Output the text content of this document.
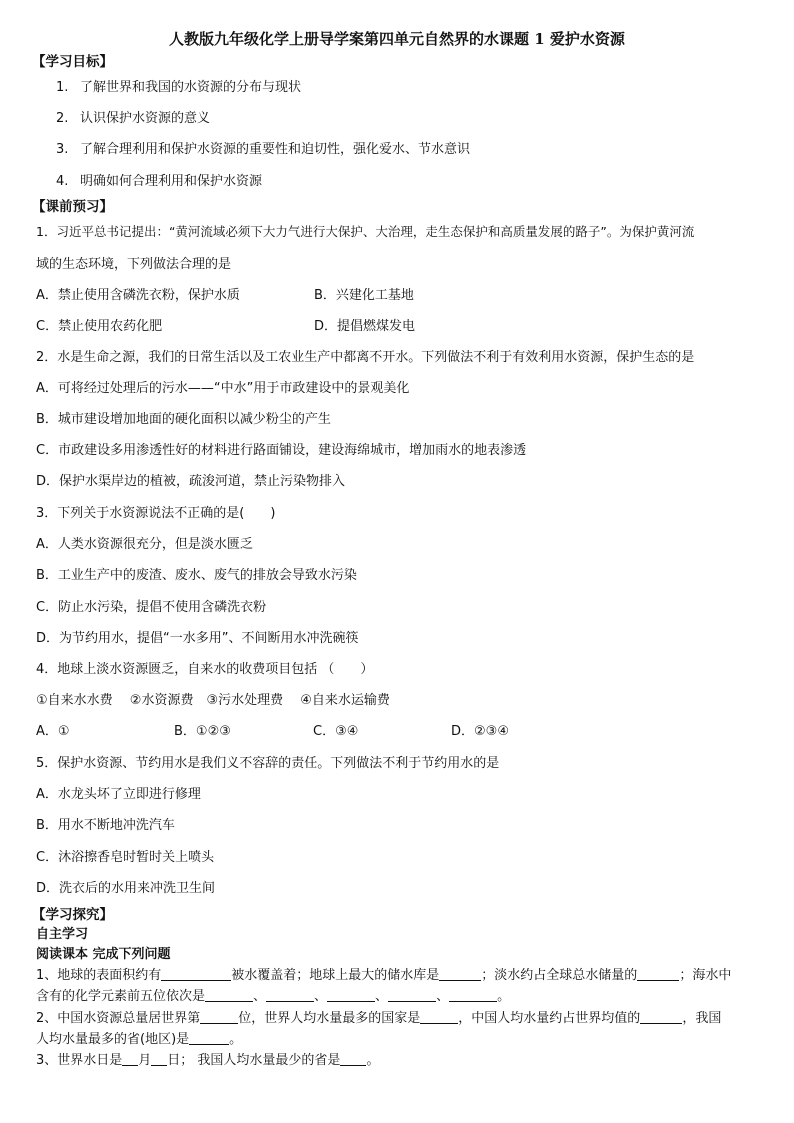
人教版九年级化学上册导学案第四单元自然界的水课题 1 爱护水资源
【学习目标】
1. 了解世界和我国的水资源的分布与现状
2. 认识保护水资源的意义
3. 了解合理利用和保护水资源的重要性和迫切性，强化爱水、节水意识
4. 明确如何合理利用和保护水资源
【课前预习】
1．习近平总书记提出：“黄河流域必须下大力气进行大保护、大治理，走生态保护和高质量发展的路子”。为保护黄河流
域的生态环境，下列做法合理的是
A．禁止使用含磷洗衣粉，保护水质	B．兴建化工基地
C．禁止使用农药化肥	D．提倡燃煤发电
2．水是生命之源，我们的日常生活以及工农业生产中都离不开水。下列做法不利于有效利用水资源，保护生态的是
A．可将经过处理后的污水——“中水”用于市政建设中的景观美化
B．城市建设增加地面的硬化面积以减少粉尘的产生
C．市政建设多用渗透性好的材料进行路面铺设，建设海绵城市，增加雨水的地表渗透
D．保护水渠岸边的植被，疏浚河道，禁止污染物排入
3．下列关于水资源说法不正确的是(　　)
A．人类水资源很充分，但是淡水匮乏
B．工业生产中的废渣、废水、废气的排放会导致水污染
C．防止水污染，提倡不使用含磷洗衣粉
D．为节约用水，提倡“一水多用”、不间断用水冲洗碗筷
4．地球上淡水资源匮乏，自来水的收费项目包括 （　　）
①自来水水费　 ②水资源费　③污水处理费　 ④自来水运输费
A．①	B．①②③	C．③④	D．②③④
5．保护水资源、节约用水是我们义不容辞的责任。下列做法不利于节约用水的是
A．水龙头坏了立即进行修理
B．用水不断地冲洗汽车
C．沐浴擦香皂时暂时关上喷头
D．洗衣后的水用来冲洗卫生间
【学习探究】
自主学习
阅读课本 完成下列问题
1、地球的表面积约有	被水覆盖着；地球上最大的储水库是	；淡水约占全球总水储量的	；海水中
含有的化学元素前五位依次是	、	、	、	、	。
2、中国水资源总量居世界第	位，世界人均水量最多的国家是	，中国人均水量约占世界均值的	，我国
人均水量最多的省(地区)是	。
3、世界水日是 月 日； 我国人均水量最少的省是 。
